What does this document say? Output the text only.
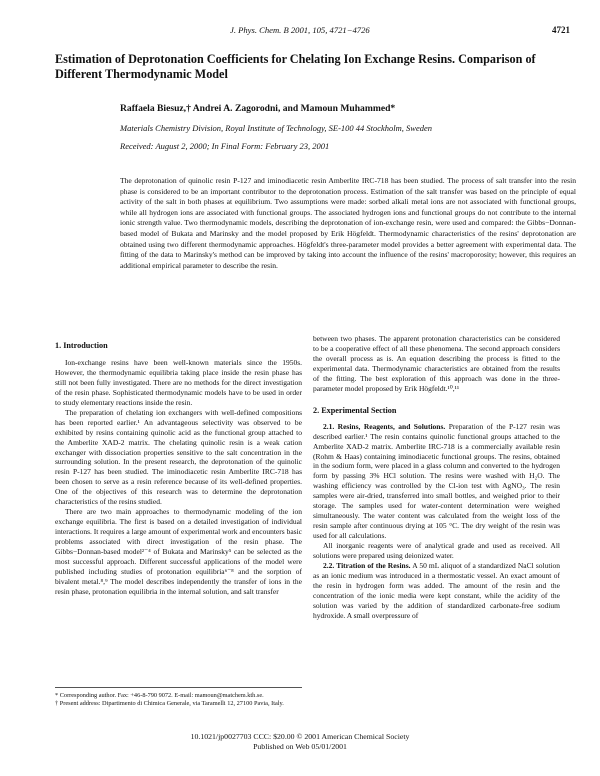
J. Phys. Chem. B 2001, 105, 4721−4726	4721
Estimation of Deprotonation Coefficients for Chelating Ion Exchange Resins. Comparison of Different Thermodynamic Model

Raffaela Biesuz,† Andrei A. Zagorodni, and Mamoun Muhammed*

Materials Chemistry Division, Royal Institute of Technology, SE-100 44 Stockholm, Sweden

Received: August 2, 2000; In Final Form: February 23, 2001

The deprotonation of quinolic resin P-127 and iminodiacetic resin Amberlite IRC-718 has been studied. The process of salt transfer into the resin phase is considered to be an important contributor to the deprotonation process. Estimation of the salt transfer was based on the principle of equal activity of the salt in both phases at equilibrium. Two assumptions were made: sorbed alkali metal ions are not associated with functional groups, while all hydrogen ions are associated with functional groups. The associated hydrogen ions and functional groups do not contribute to the internal ionic strength value. Two thermodynamic models, describing the deprotonation of ion-exchange resin, were used and compared: the Gibbs−Donnan-based model of Bukata and Marinsky and the model proposed by Erik Högfeldt. Thermodynamic characteristics of the resins' deprotonation are obtained using two different thermodynamic approaches. Högfeldt's three-parameter model provides a better agreement with experimental data. The fitting of the data to Marinsky's method can be improved by taking into account the influence of the resins' macroporosity; however, this requires an additional empirical parameter to describe the resin.

1. Introduction

Ion-exchange resins have been well-known materials since the 1950s. However, the thermodynamic equilibria taking place inside the resin phase has still not been fully investigated. There are no methods for the direct investigation of the resin phase. Sophisticated thermodynamic models have to be used in order to study elementary reactions inside the resin.

The preparation of chelating ion exchangers with well-defined compositions has been reported earlier.¹ An advantageous selectivity was observed to be exhibited by resins containing quinolic acid as the functional group attached to the Amberlite XAD-2 matrix. The chelating quinolic resin is a weak cation exchanger with dissociation properties sensitive to the salt concentration in the surrounding solution. In the present research, the deprotonation of the quinolic resin P-127 has been studied. The iminodiacetic resin Amberlite IRC-718 has been chosen to serve as a resin reference because of its well-defined properties. One of the objectives of this research was to determine the deprotonation characteristics of the resins studied.

There are two main approaches to thermodynamic modeling of the ion exchange equilibria. The first is based on a detailed investigation of individual interactions. It requires a large amount of experimental work and encounters basic problems associated with direct investigation of the resin phase. The Gibbs−Donnan-based model²⁻⁴ of Bukata and Marinsky⁵ can be selected as the most successful approach. Different successful applications of the model were published including studies of protonation equilibria⁶⁻⁸ and the sorption of bivalent metal.⁸,⁹ The model describes independently the transfer of ions in the resin phase, protonation equilibria in the internal solution, and salt transfer

* Corresponding author. Fax: +46-8-790 9072. E-mail: mamoun@matchem.kth.se.

† Present address: Dipartimento di Chimica Generale, via Taramelli 12, 27100 Pavia, Italy.

between two phases. The apparent protonation characteristics can be considered to be a cooperative effect of all these phenomena. The second approach considers the overall process as is. An equation describing the process is fitted to the experimental data. Thermodynamic characteristics are obtained from the results of the fitting. The best exploration of this approach was done in the three-parameter model proposed by Erik Högfeldt.¹⁰,¹¹

2. Experimental Section

2.1. Resins, Reagents, and Solutions. Preparation of the P-127 resin was described earlier.¹ The resin contains quinolic functional groups attached to the Amberlite XAD-2 matrix. Amberlite IRC-718 is a commercially available resin (Rohm & Haas) containing iminodiacetic functional groups. The resins, obtained in the sodium form, were placed in a glass column and converted to the hydrogen form by passing 3% HCl solution. The resins were washed with H₂O. The washing efficiency was controlled by the Cl-ion test with AgNO₃. The resin samples were air-dried, transferred into small bottles, and weighed prior to their storage. The samples used for water-content determination were weighed simultaneously. The water content was calculated from the weight loss of the resin sample after continuous drying at 105 °C. The dry weight of the resin was used for all calculations.

All inorganic reagents were of analytical grade and used as received. All solutions were prepared using deionized water.

2.2. Titration of the Resins. A 50 mL aliquot of a standardized NaCl solution as an ionic medium was introduced in a thermostatic vessel. An exact amount of the resin in hydrogen form was added. The amount of the resin and the concentration of the ionic media were kept constant, while the acidity of the solution was varied by the addition of standardized carbonate-free sodium hydroxide. A small overpressure of

10.1021/jp0027703 CCC: $20.00 © 2001 American Chemical Society
Published on Web 05/01/2001
